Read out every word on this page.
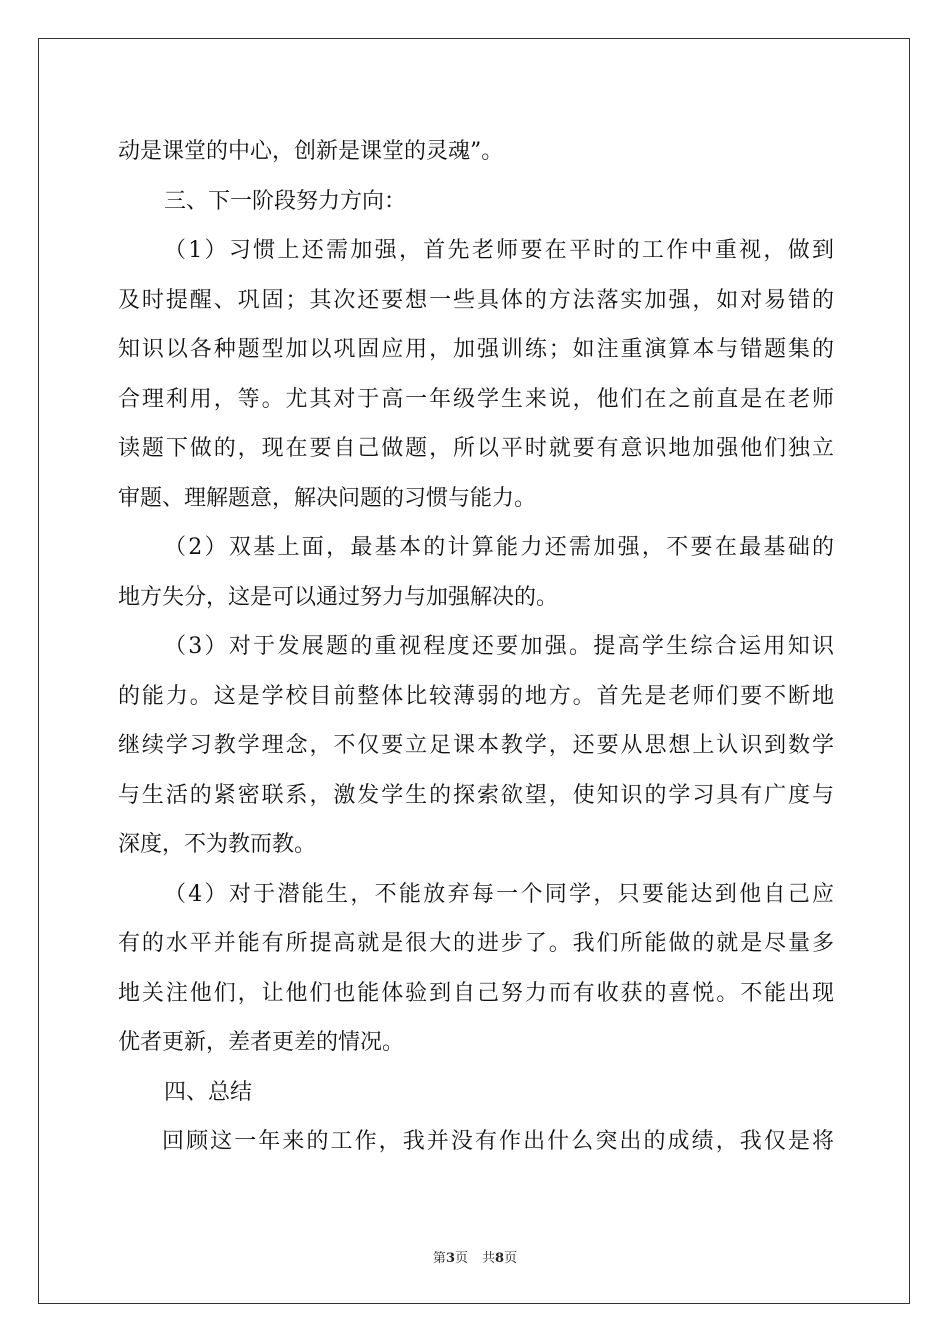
动是课堂的中心，创新是课堂的灵魂”。
三、下一阶段努力方向：
（1）习惯上还需加强，首先老师要在平时的工作中重视，做到
及时提醒、巩固；其次还要想一些具体的方法落实加强，如对易错的
知识以各种题型加以巩固应用，加强训练；如注重演算本与错题集的
合理利用，等。尤其对于高一年级学生来说，他们在之前直是在老师
读题下做的，现在要自己做题，所以平时就要有意识地加强他们独立
审题、理解题意，解决问题的习惯与能力。
（2）双基上面，最基本的计算能力还需加强，不要在最基础的
地方失分，这是可以通过努力与加强解决的。
（3）对于发展题的重视程度还要加强。提高学生综合运用知识
的能力。这是学校目前整体比较薄弱的地方。首先是老师们要不断地
继续学习教学理念，不仅要立足课本教学，还要从思想上认识到数学
与生活的紧密联系，激发学生的探索欲望，使知识的学习具有广度与
深度，不为教而教。
（4）对于潜能生，不能放弃每一个同学，只要能达到他自己应
有的水平并能有所提高就是很大的进步了。我们所能做的就是尽量多
地关注他们，让他们也能体验到自己努力而有收获的喜悦。不能出现
优者更新，差者更差的情况。
四、总结
回顾这一年来的工作，我并没有作出什么突出的成绩，我仅是将
第3页 共8页
